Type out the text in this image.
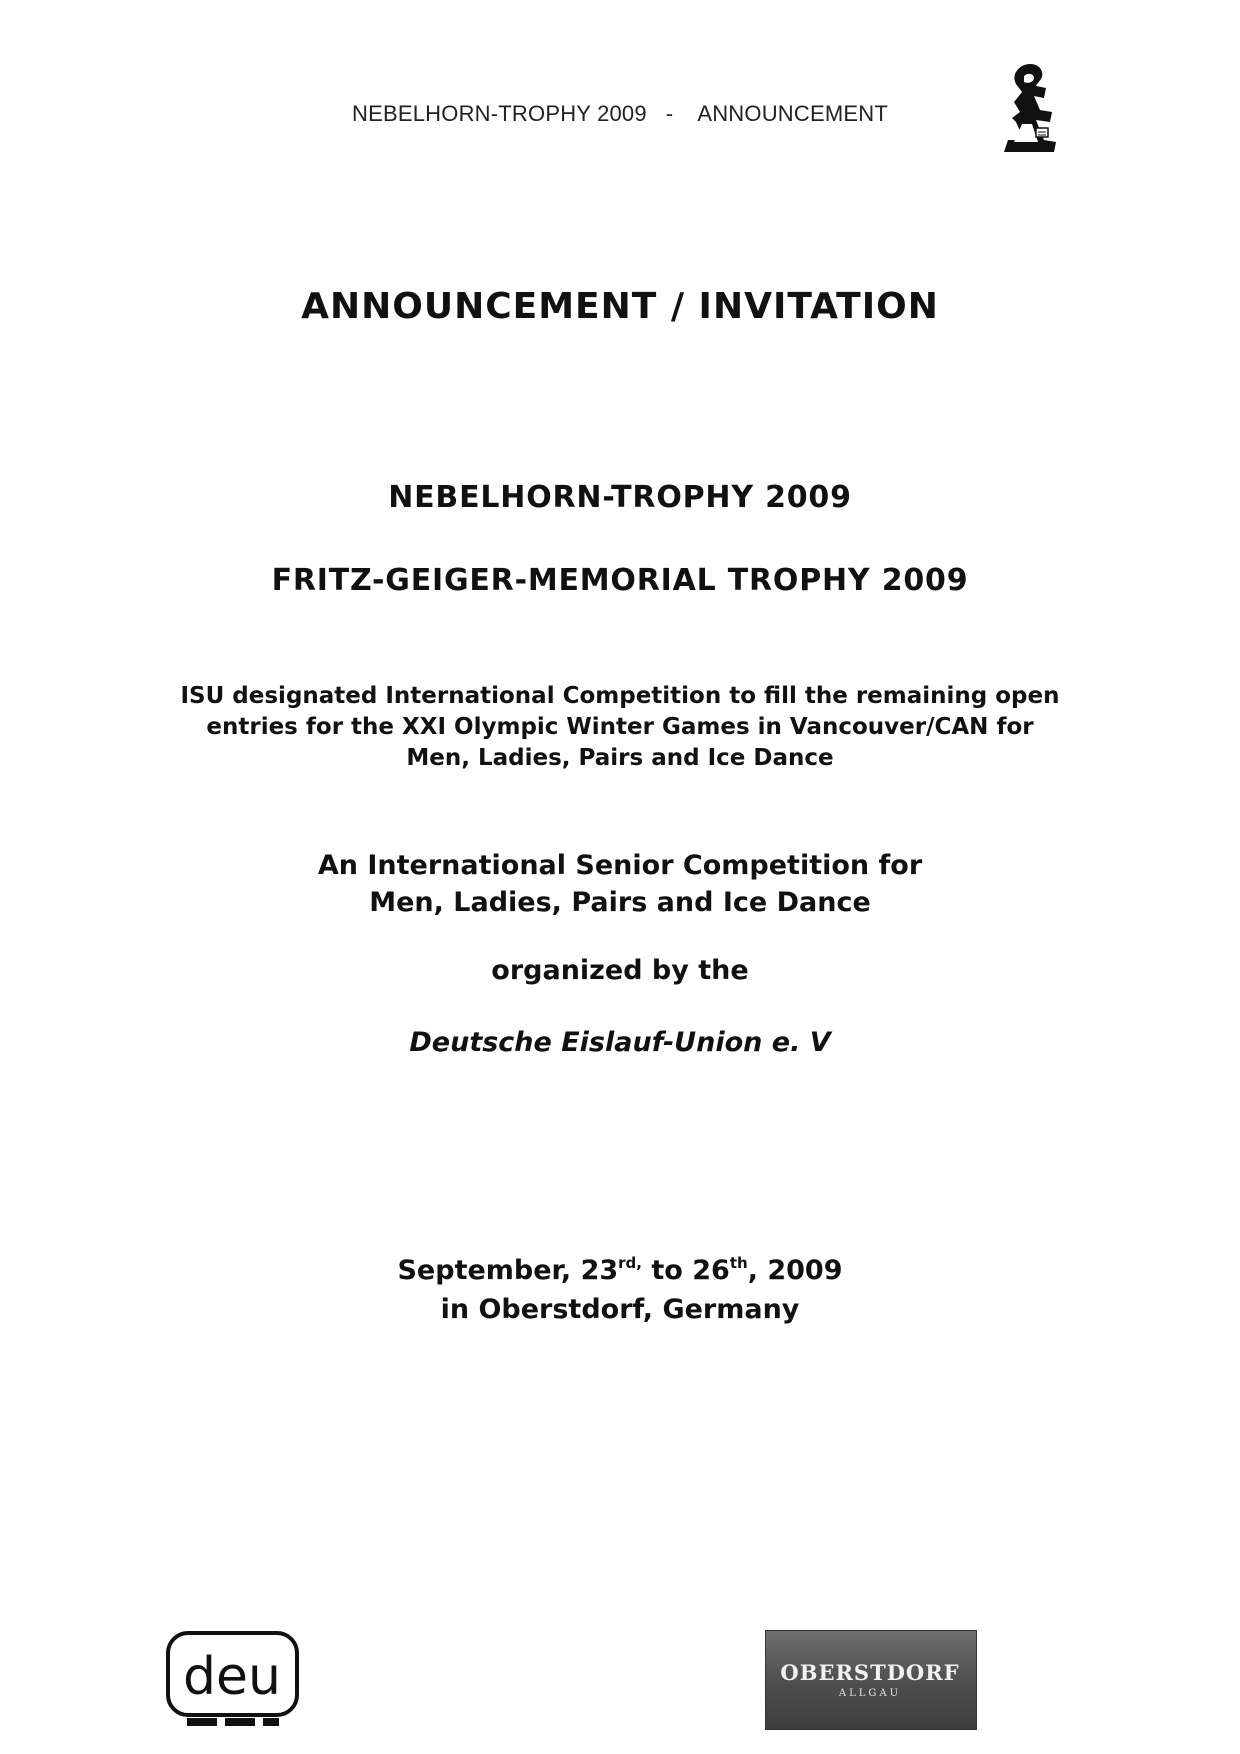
NEBELHORN-TROPHY 2009 - ANNOUNCEMENT
ANNOUNCEMENT / INVITATION
NEBELHORN-TROPHY 2009
FRITZ-GEIGER-MEMORIAL TROPHY 2009
ISU designated International Competition to fill the remaining open
entries for the XXI Olympic Winter Games in Vancouver/CAN for
Men, Ladies, Pairs and Ice Dance
An International Senior Competition for
Men, Ladies, Pairs and Ice Dance
organized by the
Deutsche Eislauf-Union e. V
September, $23^{rd,}$ to 26th, 2009
in Oberstdorf, Germany
deu	OBERSTDORF
ALLGAU
